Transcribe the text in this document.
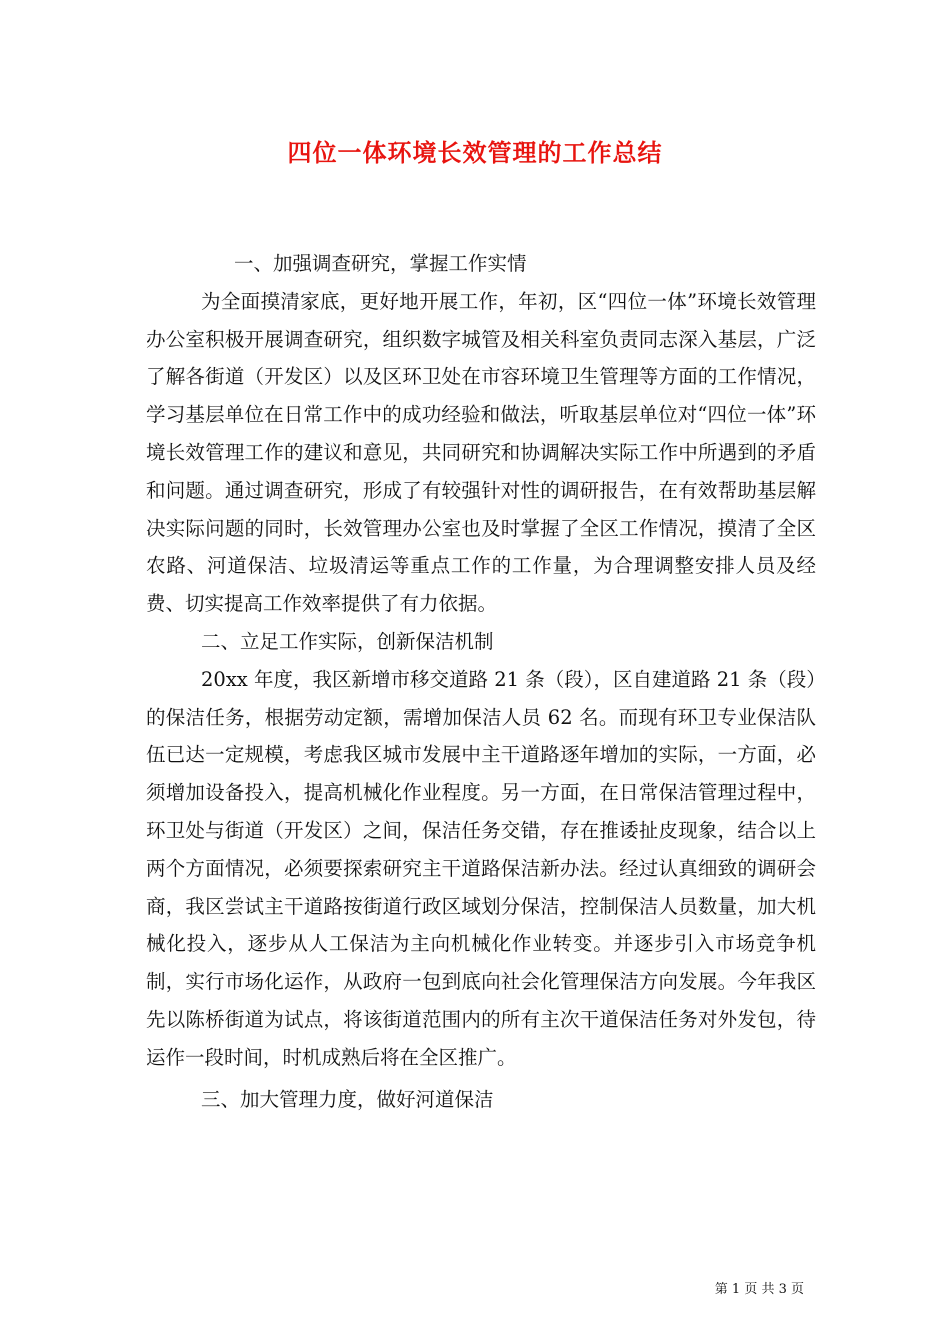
四位一体环境长效管理的工作总结

一、加强调查研究，掌握工作实情

为全面摸清家底，更好地开展工作，年初，区“四位一体”环境长效管理办公室积极开展调查研究，组织数字城管及相关科室负责同志深入基层，广泛了解各街道（开发区）以及区环卫处在市容环境卫生管理等方面的工作情况，学习基层单位在日常工作中的成功经验和做法，听取基层单位对“四位一体”环境长效管理工作的建议和意见，共同研究和协调解决实际工作中所遇到的矛盾和问题。通过调查研究，形成了有较强针对性的调研报告，在有效帮助基层解决实际问题的同时，长效管理办公室也及时掌握了全区工作情况，摸清了全区农路、河道保洁、垃圾清运等重点工作的工作量，为合理调整安排人员及经费、切实提高工作效率提供了有力依据。

二、立足工作实际，创新保洁机制

20xx 年度，我区新增市移交道路 21 条（段），区自建道路 21 条（段）的保洁任务，根据劳动定额，需增加保洁人员 62 名。而现有环卫专业保洁队伍已达一定规模，考虑我区城市发展中主干道路逐年增加的实际，一方面，必须增加设备投入，提高机械化作业程度。另一方面，在日常保洁管理过程中，环卫处与街道（开发区）之间，保洁任务交错，存在推诿扯皮现象，结合以上两个方面情况，必须要探索研究主干道路保洁新办法。经过认真细致的调研会商，我区尝试主干道路按街道行政区域划分保洁，控制保洁人员数量，加大机械化投入，逐步从人工保洁为主向机械化作业转变。并逐步引入市场竞争机制，实行市场化运作，从政府一包到底向社会化管理保洁方向发展。今年我区先以陈桥街道为试点，将该街道范围内的所有主次干道保洁任务对外发包，待运作一段时间，时机成熟后将在全区推广。

三、加大管理力度，做好河道保洁

第 1 页 共 3 页
